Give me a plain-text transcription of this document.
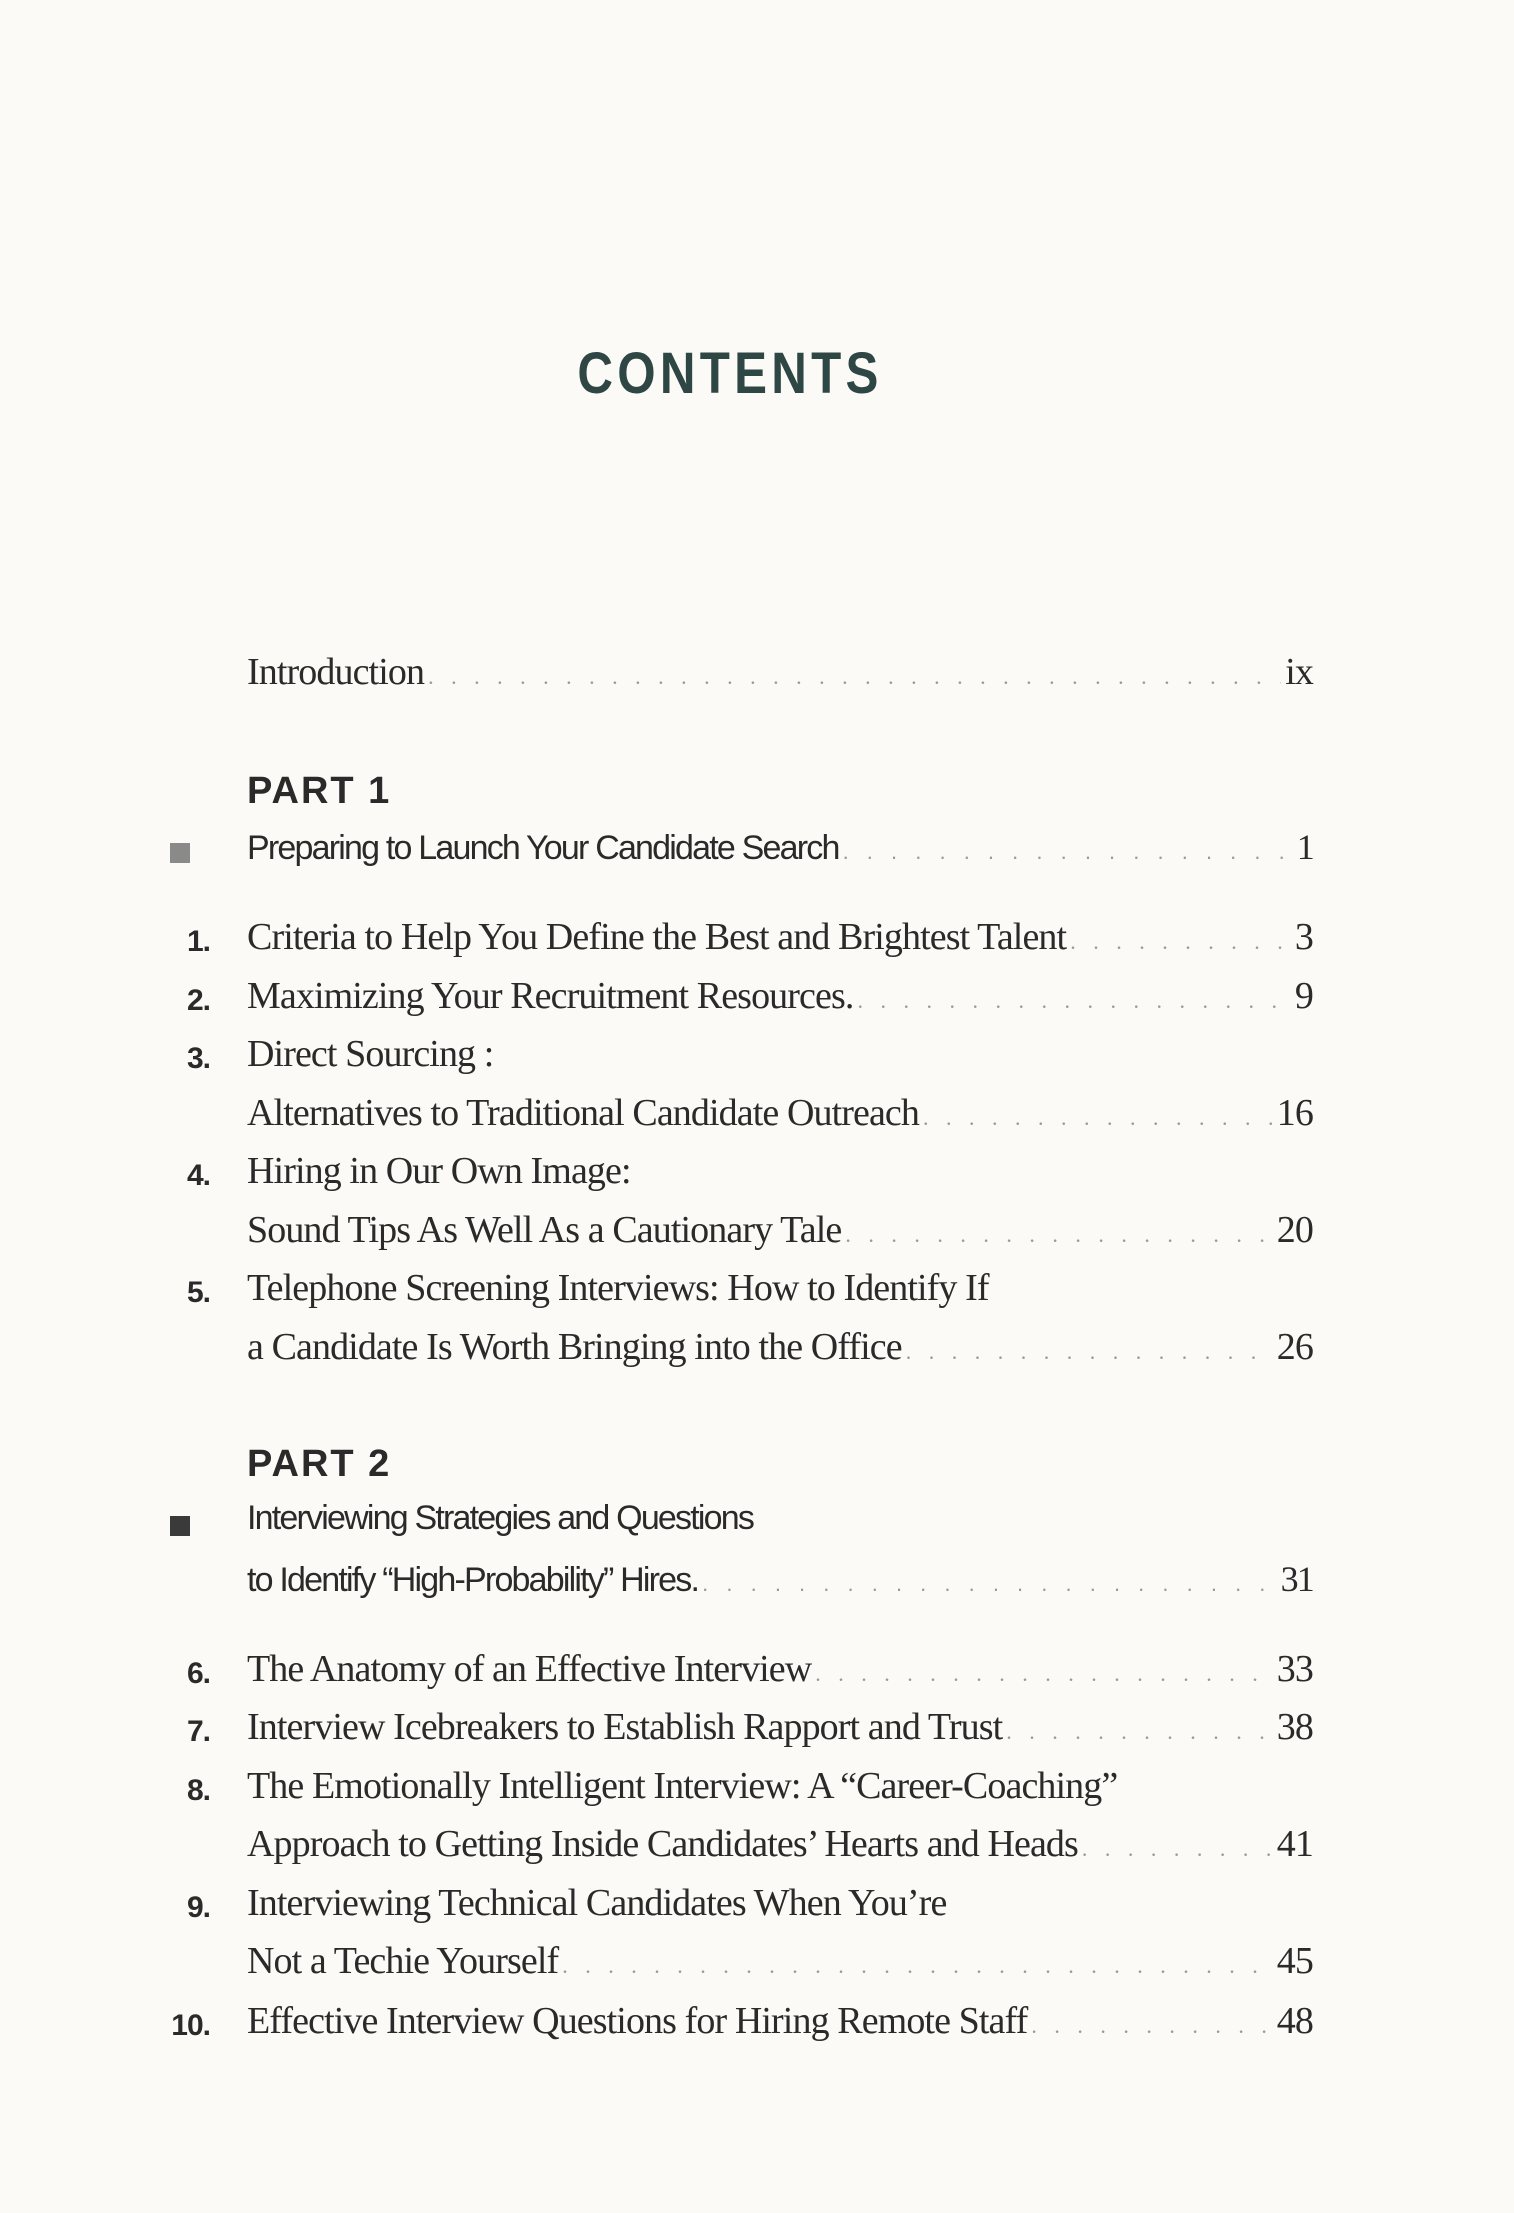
CONTENTS
Introduction . . .	ix
PART 1
Preparing to Launch Your Candidate Search . . .	1
1. Criteria to Help You Define the Best and Brightest Talent . . .	3
2. Maximizing Your Recruitment Resources. . . .	9
3. Direct Sourcing :
Alternatives to Traditional Candidate Outreach . . .	16
4. Hiring in Our Own Image:
Sound Tips As Well As a Cautionary Tale . . .	20
5. Telephone Screening Interviews: How to Identify If
a Candidate Is Worth Bringing into the Office . . .	26
PART 2
Interviewing Strategies and Questions
to Identify “High-Probability” Hires. . . .	31
6. The Anatomy of an Effective Interview . . .	33
7. Interview Icebreakers to Establish Rapport and Trust . . .	38
8. The Emotionally Intelligent Interview: A “Career-Coaching”
Approach to Getting Inside Candidates’ Hearts and Heads . . .	41
9. Interviewing Technical Candidates When You’re
Not a Techie Yourself . . .	45
10. Effective Interview Questions for Hiring Remote Staff . . .	48
